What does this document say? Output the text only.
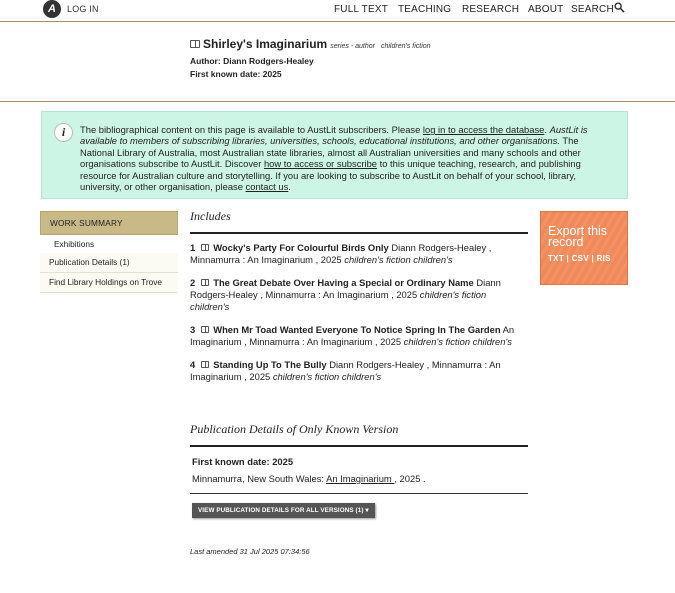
A	LOG IN	FULL TEXT TEACHING RESEARCH ABOUT SEARCH
Shirley's Imaginarium series - author children's fiction
Author: Diann Rodgers-Healey
First known date: 2025
i	The bibliographical content on this page is available to AustLit subscribers. Please log in to access the database. AustLit is available to members of subscribing libraries, universities, schools, educational institutions, and other organisations. The National Library of Australia, most Australian state libraries, almost all Australian universities and many schools and other organisations subscribe to AustLit. Discover how to access or subscribe to this unique teaching, research, and publishing resource for Australian culture and storytelling. If you are looking to subscribe to AustLit on behalf of your school, library, university, or other organisation, please contact us.
WORK SUMMARY
Exhibitions
Publication Details (1)
Find Library Holdings on Trove
Includes
1 Wocky's Party For Colourful Birds Only Diann Rodgers-Healey , Minnamurra : An Imaginarium , 2025 children's fiction children's
2 The Great Debate Over Having a Special or Ordinary Name Diann Rodgers-Healey , Minnamurra : An Imaginarium , 2025 children's fiction children's
3 When Mr Toad Wanted Everyone To Notice Spring In The Garden An Imaginarium , Minnamurra : An Imaginarium , 2025 children's fiction children's
4 Standing Up To The Bully Diann Rodgers-Healey , Minnamurra : An Imaginarium , 2025 children's fiction children's
Publication Details of Only Known Version
First known date: 2025
Minnamurra, New South Wales: An Imaginarium , 2025 .
VIEW PUBLICATION DETAILS FOR ALL VERSIONS (1) ▾
Last amended 31 Jul 2025 07:34:56
Export this record
TXT | CSV | RIS
